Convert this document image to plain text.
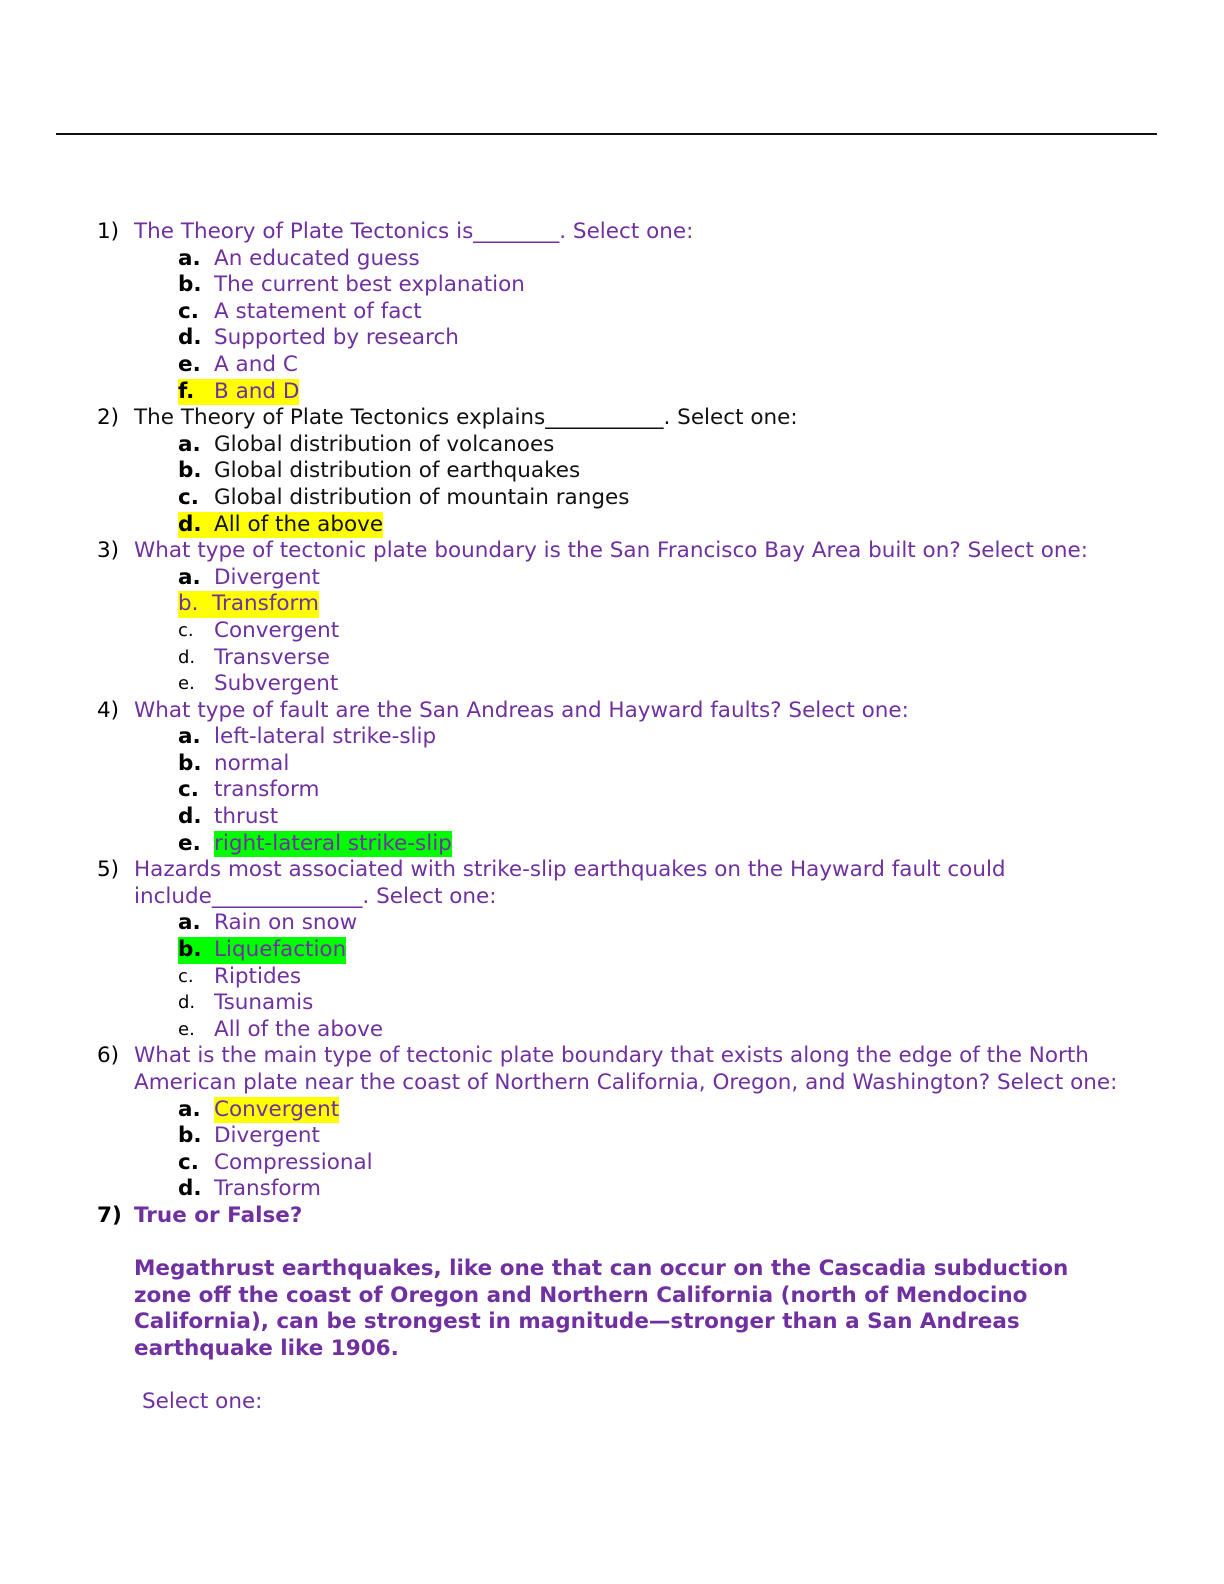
1) The Theory of Plate Tectonics is________. Select one:
a. An educated guess
b. The current best explanation
c. A statement of fact
d. Supported by research
e. A and C
f. B and D
2) The Theory of Plate Tectonics explains___________. Select one:
a. Global distribution of volcanoes
b. Global distribution of earthquakes
c. Global distribution of mountain ranges
d. All of the above
3) What type of tectonic plate boundary is the San Francisco Bay Area built on? Select one:
a. Divergent
b. Transform
c. Convergent
d. Transverse
e. Subvergent
4) What type of fault are the San Andreas and Hayward faults? Select one:
a. left-lateral strike-slip
b. normal
c. transform
d. thrust
e. right-lateral strike-slip
5) Hazards most associated with strike-slip earthquakes on the Hayward fault could include______________. Select one:
a. Rain on snow
b. Liquefaction
c. Riptides
d. Tsunamis
e. All of the above
6) What is the main type of tectonic plate boundary that exists along the edge of the North American plate near the coast of Northern California, Oregon, and Washington? Select one:
a. Convergent
b. Divergent
c. Compressional
d. Transform
7) True or False?
Megathrust earthquakes, like one that can occur on the Cascadia subduction zone off the coast of Oregon and Northern California (north of Mendocino California), can be strongest in magnitude—stronger than a San Andreas earthquake like 1906.
Select one:
